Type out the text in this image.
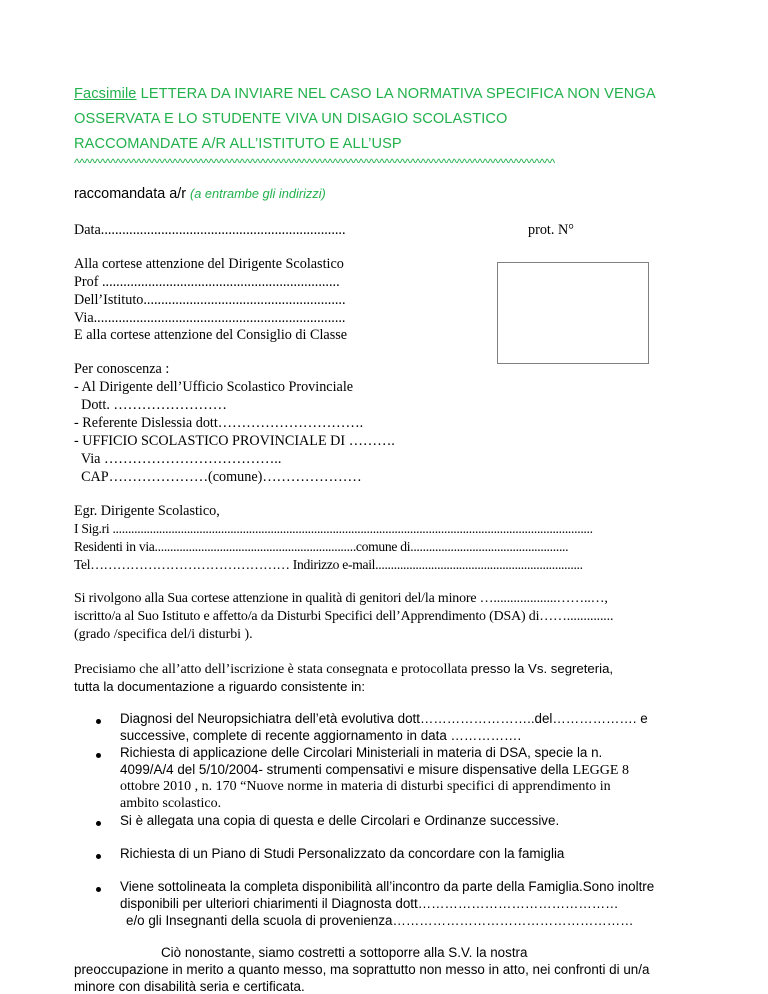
Facsimile LETTERA DA INVIARE NEL CASO LA NORMATIVA SPECIFICA NON VENGA
OSSERVATA E LO STUDENTE VIVA UN DISAGIO SCOLASTICO
RACCOMANDATE A/R ALL’ISTITUTO E ALL’USP
^^^^^^^^^^^^^^^^^^^^^^^^^^^^^^^^^^^^^^^^^^^^^^^^^^^^^^^^^^^^^^^^^^^^^^^^^^^^^^^^^^^^^^^^^^^^^
raccomandata a/r (a entrambe gli indirizzi)
Data.....................................................................	prot. N°
Alla cortese attenzione del Dirigente Scolastico
Prof ...................................................................
Dell’Istituto.........................................................
Via.......................................................................
E alla cortese attenzione del Consiglio di Classe
Per conoscenza :
- Al Dirigente dell’Ufficio Scolastico Provinciale
Dott. ……………………
- Referente Dislessia dott………………………….
- UFFICIO SCOLASTICO PROVINCIALE DI ……….
Via ………………………………..
CAP…………………(comune)…………………
Egr. Dirigente Scolastico,
I Sig.ri ...........................................................................................................................................................
Residenti in via.................................................................comune di...................................................
Tel……………………………………… Indirizzo e-mail...................................................................
Si rivolgono alla Sua cortese attenzione in qualità di genitori del/la minore …...................……..…,
iscritto/a al Suo Istituto e affetto/a da Disturbi Specifici dell’Apprendimento (DSA) di……..............
(grado /specifica del/i disturbi ).
Precisiamo che all’atto dell’iscrizione è stata consegnata e protocollata presso la Vs. segreteria,
tutta la documentazione a riguardo consistente in:
Diagnosi del Neuropsichiatra dell’età evolutiva dott……………………..del………………. e
successive, complete di recente aggiornamento in data …………….
Richiesta di applicazione delle Circolari Ministeriali in materia di DSA, specie la n.
4099/A/4 del 5/10/2004- strumenti compensativi e misure dispensative della LEGGE 8
ottobre 2010 , n. 170 “Nuove norme in materia di disturbi specifici di apprendimento in
ambito scolastico.
Si è allegata una copia di questa e delle Circolari e Ordinanze successive.
Richiesta di un Piano di Studi Personalizzato da concordare con la famiglia
Viene sottolineata la completa disponibilità all’incontro da parte della Famiglia.Sono inoltre
disponibili per ulteriori chiarimenti il Diagnosta dott………………………………………
e/o gli Insegnanti della scuola di provenienza………………………………………………
Ciò nonostante, siamo costretti a sottoporre alla S.V. la nostra
preoccupazione in merito a quanto messo, ma soprattutto non messo in atto, nei confronti di un/a
minore con disabilità seria e certificata.
